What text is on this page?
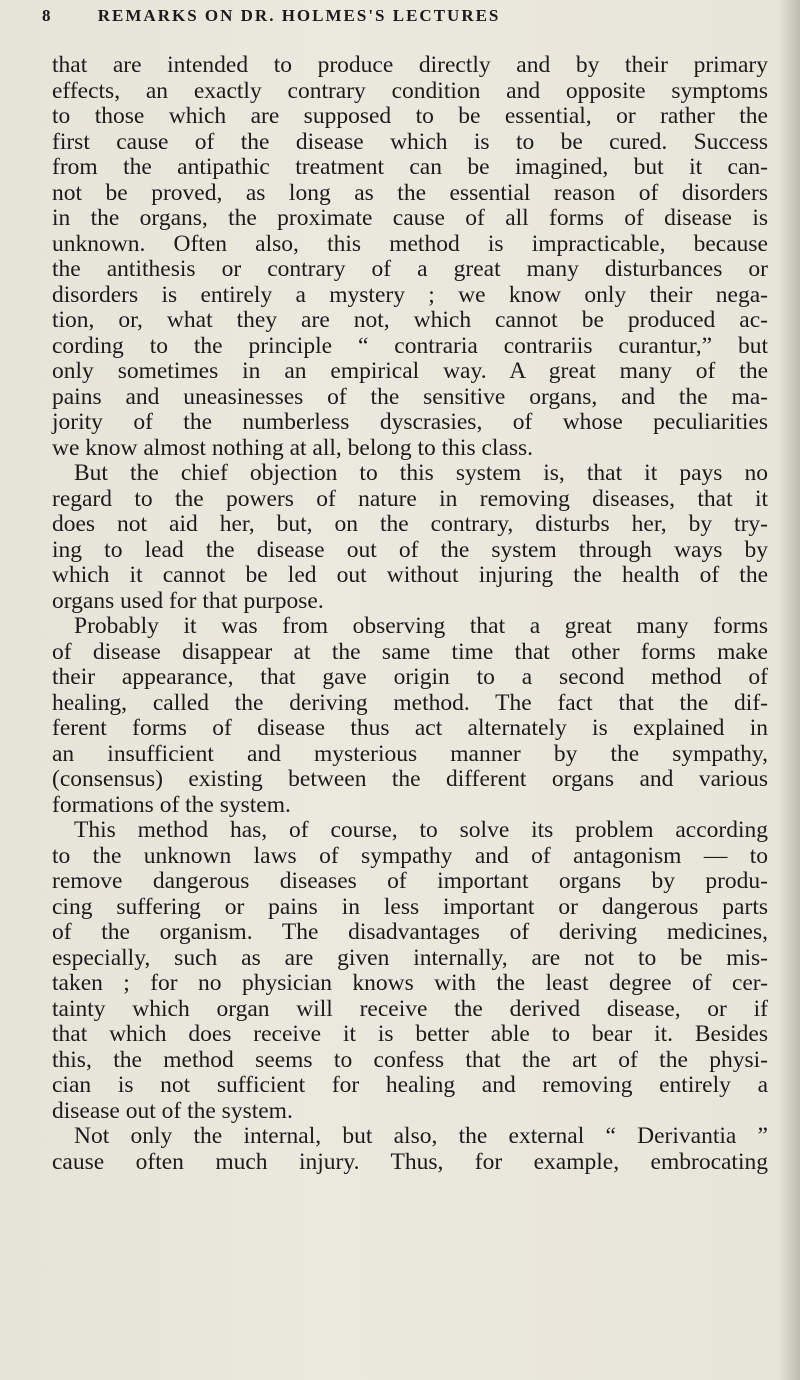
8	REMARKS ON DR. HOLMES'S LECTURES
that are intended to produce directly and by their primary
effects, an exactly contrary condition and opposite symptoms
to those which are supposed to be essential, or rather the
first cause of the disease which is to be cured. Success
from the antipathic treatment can be imagined, but it can-
not be proved, as long as the essential reason of disorders
in the organs, the proximate cause of all forms of disease is
unknown. Often also, this method is impracticable, because
the antithesis or contrary of a great many disturbances or
disorders is entirely a mystery ; we know only their nega-
tion, or, what they are not, which cannot be produced ac-
cording to the principle “ contraria contrariis curantur,” but
only sometimes in an empirical way. A great many of the
pains and uneasinesses of the sensitive organs, and the ma-
jority of the numberless dyscrasies, of whose peculiarities
we know almost nothing at all, belong to this class.
But the chief objection to this system is, that it pays no
regard to the powers of nature in removing diseases, that it
does not aid her, but, on the contrary, disturbs her, by try-
ing to lead the disease out of the system through ways by
which it cannot be led out without injuring the health of the
organs used for that purpose.
Probably it was from observing that a great many forms
of disease disappear at the same time that other forms make
their appearance, that gave origin to a second method of
healing, called the deriving method. The fact that the dif-
ferent forms of disease thus act alternately is explained in
an insufficient and mysterious manner by the sympathy,
(consensus) existing between the different organs and various
formations of the system.
This method has, of course, to solve its problem according
to the unknown laws of sympathy and of antagonism — to
remove dangerous diseases of important organs by produ-
cing suffering or pains in less important or dangerous parts
of the organism. The disadvantages of deriving medicines,
especially, such as are given internally, are not to be mis-
taken ; for no physician knows with the least degree of cer-
tainty which organ will receive the derived disease, or if
that which does receive it is better able to bear it. Besides
this, the method seems to confess that the art of the physi-
cian is not sufficient for healing and removing entirely a
disease out of the system.
Not only the internal, but also, the external “ Derivantia ”
cause often much injury. Thus, for example, embrocating
